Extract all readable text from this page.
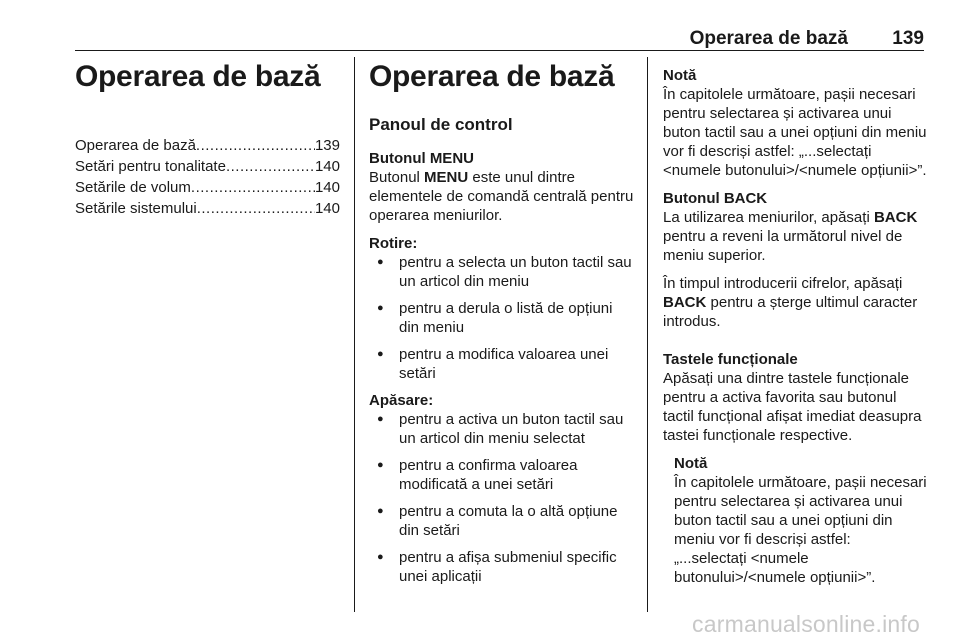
Operarea de bază 139
Operarea de bază
Operarea de bază .....	139
Setări pentru tonalitate .....	140
Setările de volum .....	140
Setările sistemului .....	140
Operarea de bază
Panoul de control
Butonul MENU

Butonul MENU este unul dintre elementele de comandă centrală pentru operarea meniurilor.

Rotire:
● pentru a selecta un buton tactil sau un articol din meniu
● pentru a derula o listă de opțiuni din meniu
● pentru a modifica valoarea unei setări
Apăsare:
● pentru a activa un buton tactil sau un articol din meniu selectat
● pentru a confirma valoarea modificată a unei setări
● pentru a comuta la o altă opțiune din setări
● pentru a afișa submeniul specific unei aplicații
Notă
În capitolele următoare, pașii necesari pentru selectarea și activarea unui buton tactil sau a unei opțiuni din meniu vor fi descriși astfel: „...selectați <numele butonului>/<numele opțiunii>”.
Butonul BACK

La utilizarea meniurilor, apăsați BACK pentru a reveni la următorul nivel de meniu superior.

În timpul introducerii cifrelor, apăsați BACK pentru a șterge ultimul caracter introdus.

Tastele funcționale

Apăsați una dintre tastele funcționale pentru a activa favorita sau butonul tactil funcțional afișat imediat deasupra tastei funcționale respective.

Notă
În capitolele următoare, pașii necesari pentru selectarea și activarea unui buton tactil sau a unei opțiuni din meniu vor fi descriși astfel: „...selectați <numele butonului>/<numele opțiunii>”.
carmanualsonline.info
